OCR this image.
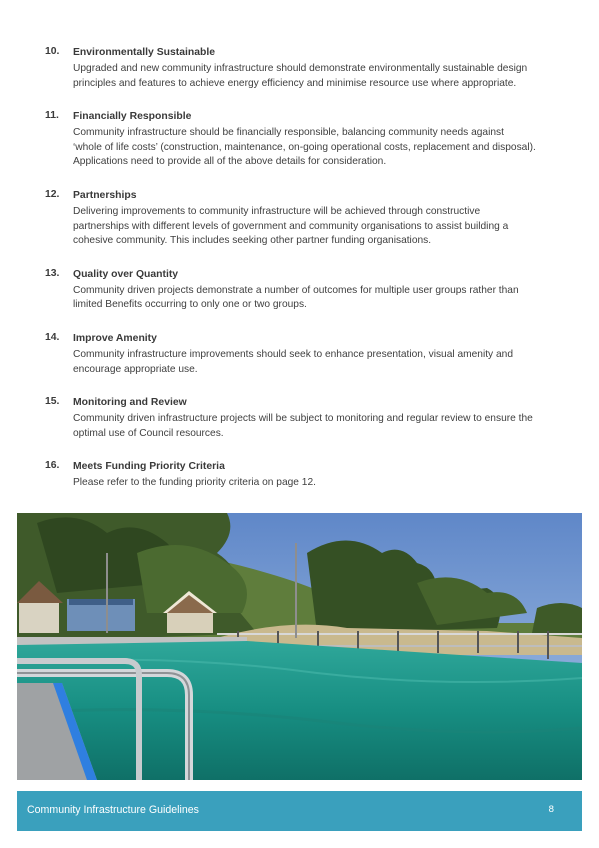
10.	Environmentally Sustainable
Upgraded and new community infrastructure should demonstrate environmentally sustainable design
principles and features to achieve energy efficiency and minimise resource use where appropriate.
11.	Financially Responsible
Community infrastructure should be financially responsible, balancing community needs against
‘whole of life costs’ (construction, maintenance, on-going operational costs, replacement and disposal).
Applications need to provide all of the above details for consideration.
12.	Partnerships
Delivering improvements to community infrastructure will be achieved through constructive
partnerships with different levels of government and community organisations to assist building a
cohesive community. This includes seeking other partner funding organisations.
13.	Quality over Quantity
Community driven projects demonstrate a number of outcomes for multiple user groups rather than
limited Benefits occurring to only one or two groups.
14.	Improve Amenity
Community infrastructure improvements should seek to enhance presentation, visual amenity and
encourage appropriate use.
15.	Monitoring and Review
Community driven infrastructure projects will be subject to monitoring and regular review to ensure the
optimal use of Council resources.
16.	Meets Funding Priority Criteria
Please refer to the funding priority criteria on page 12.
Community Infrastructure Guidelines	8
